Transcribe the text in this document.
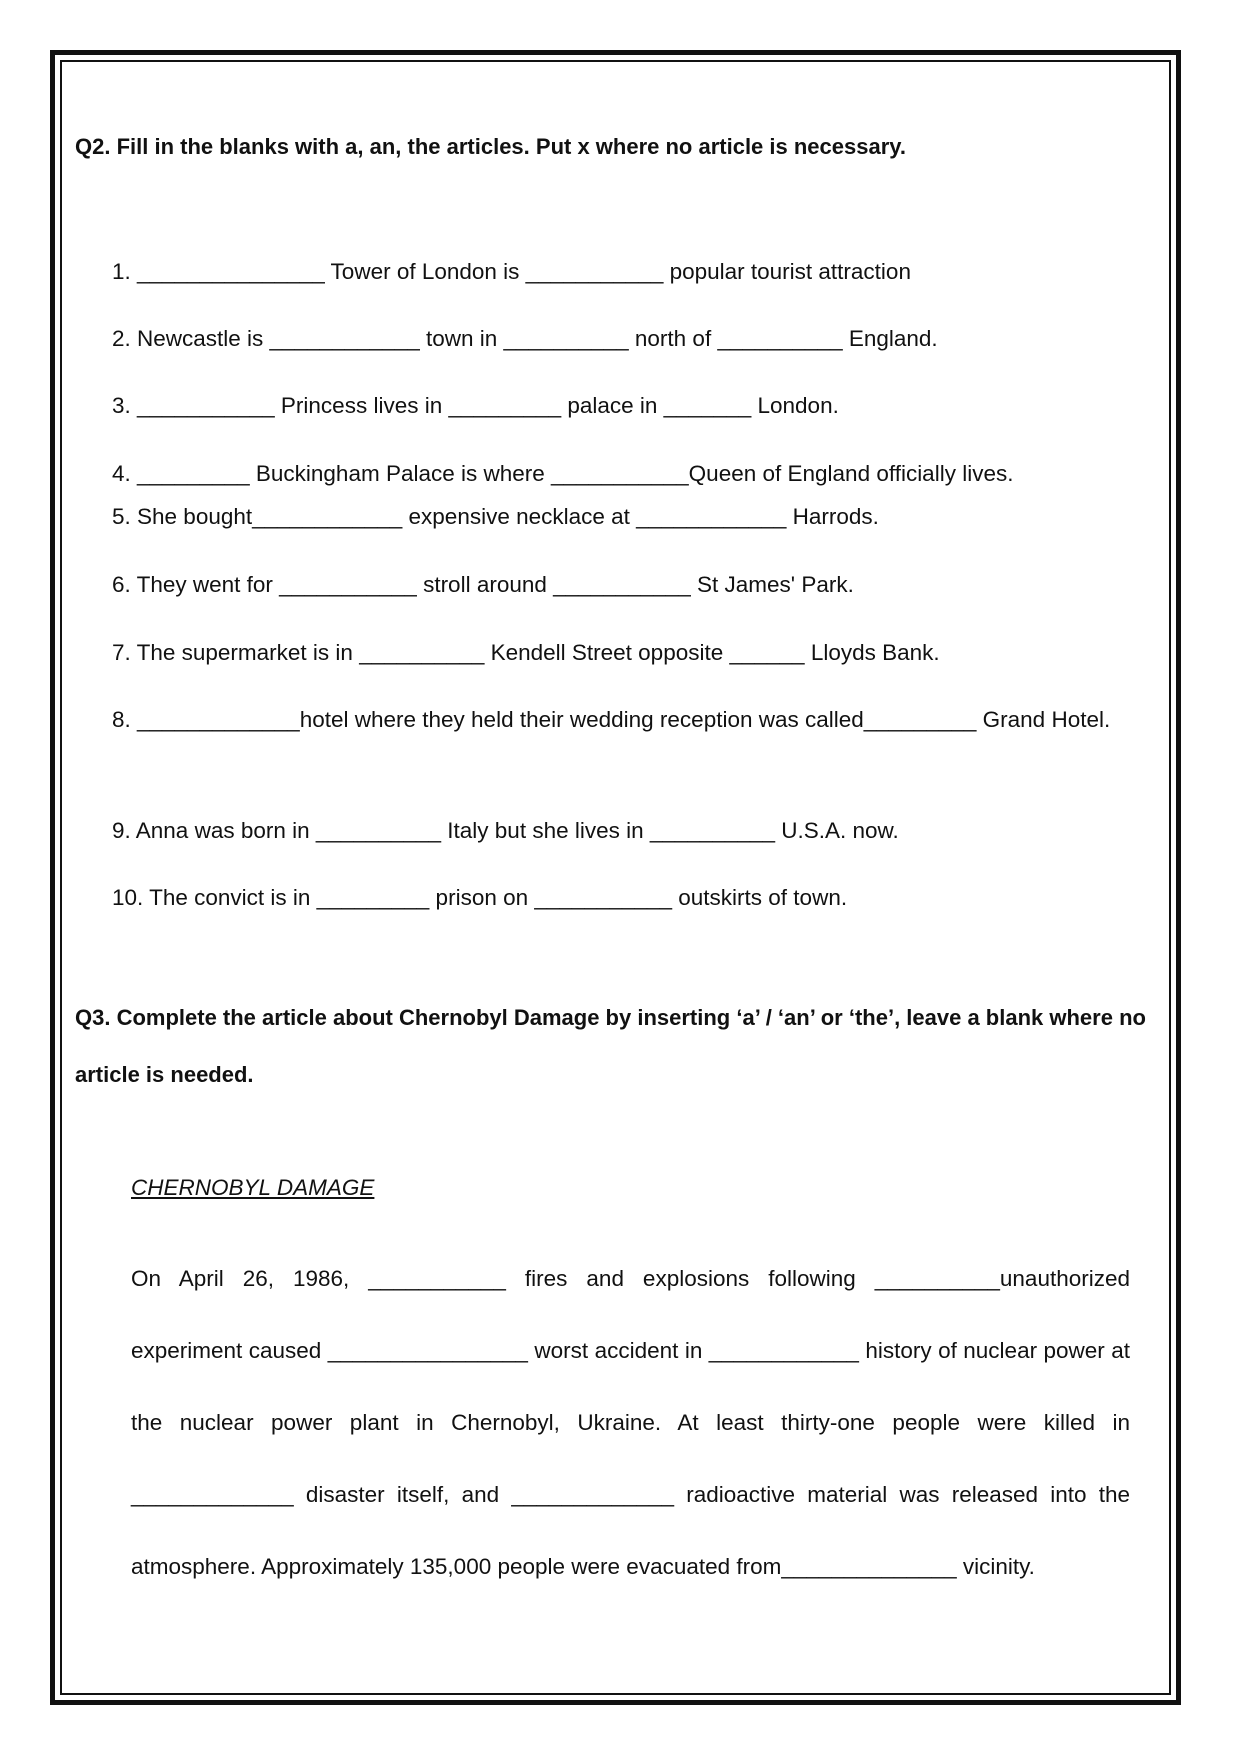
Q2. Fill in the blanks with a, an, the articles. Put x where no article is necessary.
1. _______________ Tower of London is ___________ popular tourist attraction
2. Newcastle is ____________ town in __________ north of __________ England.
3. ___________ Princess lives in _________ palace in _______ London.
4. _________ Buckingham Palace is where ___________Queen of England officially lives.
5. She bought____________ expensive necklace at ____________ Harrods.
6. They went for ___________ stroll around ___________ St James' Park.
7. The supermarket is in __________ Kendell Street opposite ______ Lloyds Bank.
8. _____________hotel where they held their wedding reception was called_________ Grand Hotel.
9. Anna was born in __________ Italy but she lives in __________ U.S.A. now.
10. The convict is in _________ prison on ___________ outskirts of town.
Q3. Complete the article about Chernobyl Damage by inserting ‘a’ / ‘an’ or ‘the’, leave a blank where no article is needed.
CHERNOBYL DAMAGE
On April 26, 1986, ___________ fires and explosions following __________unauthorized experiment caused ________________ worst accident in ____________ history of nuclear power at the nuclear power plant in Chernobyl, Ukraine. At least thirty-one people were killed in _____________ disaster itself, and _____________ radioactive material was released into the atmosphere. Approximately 135,000 people were evacuated from______________ vicinity.
